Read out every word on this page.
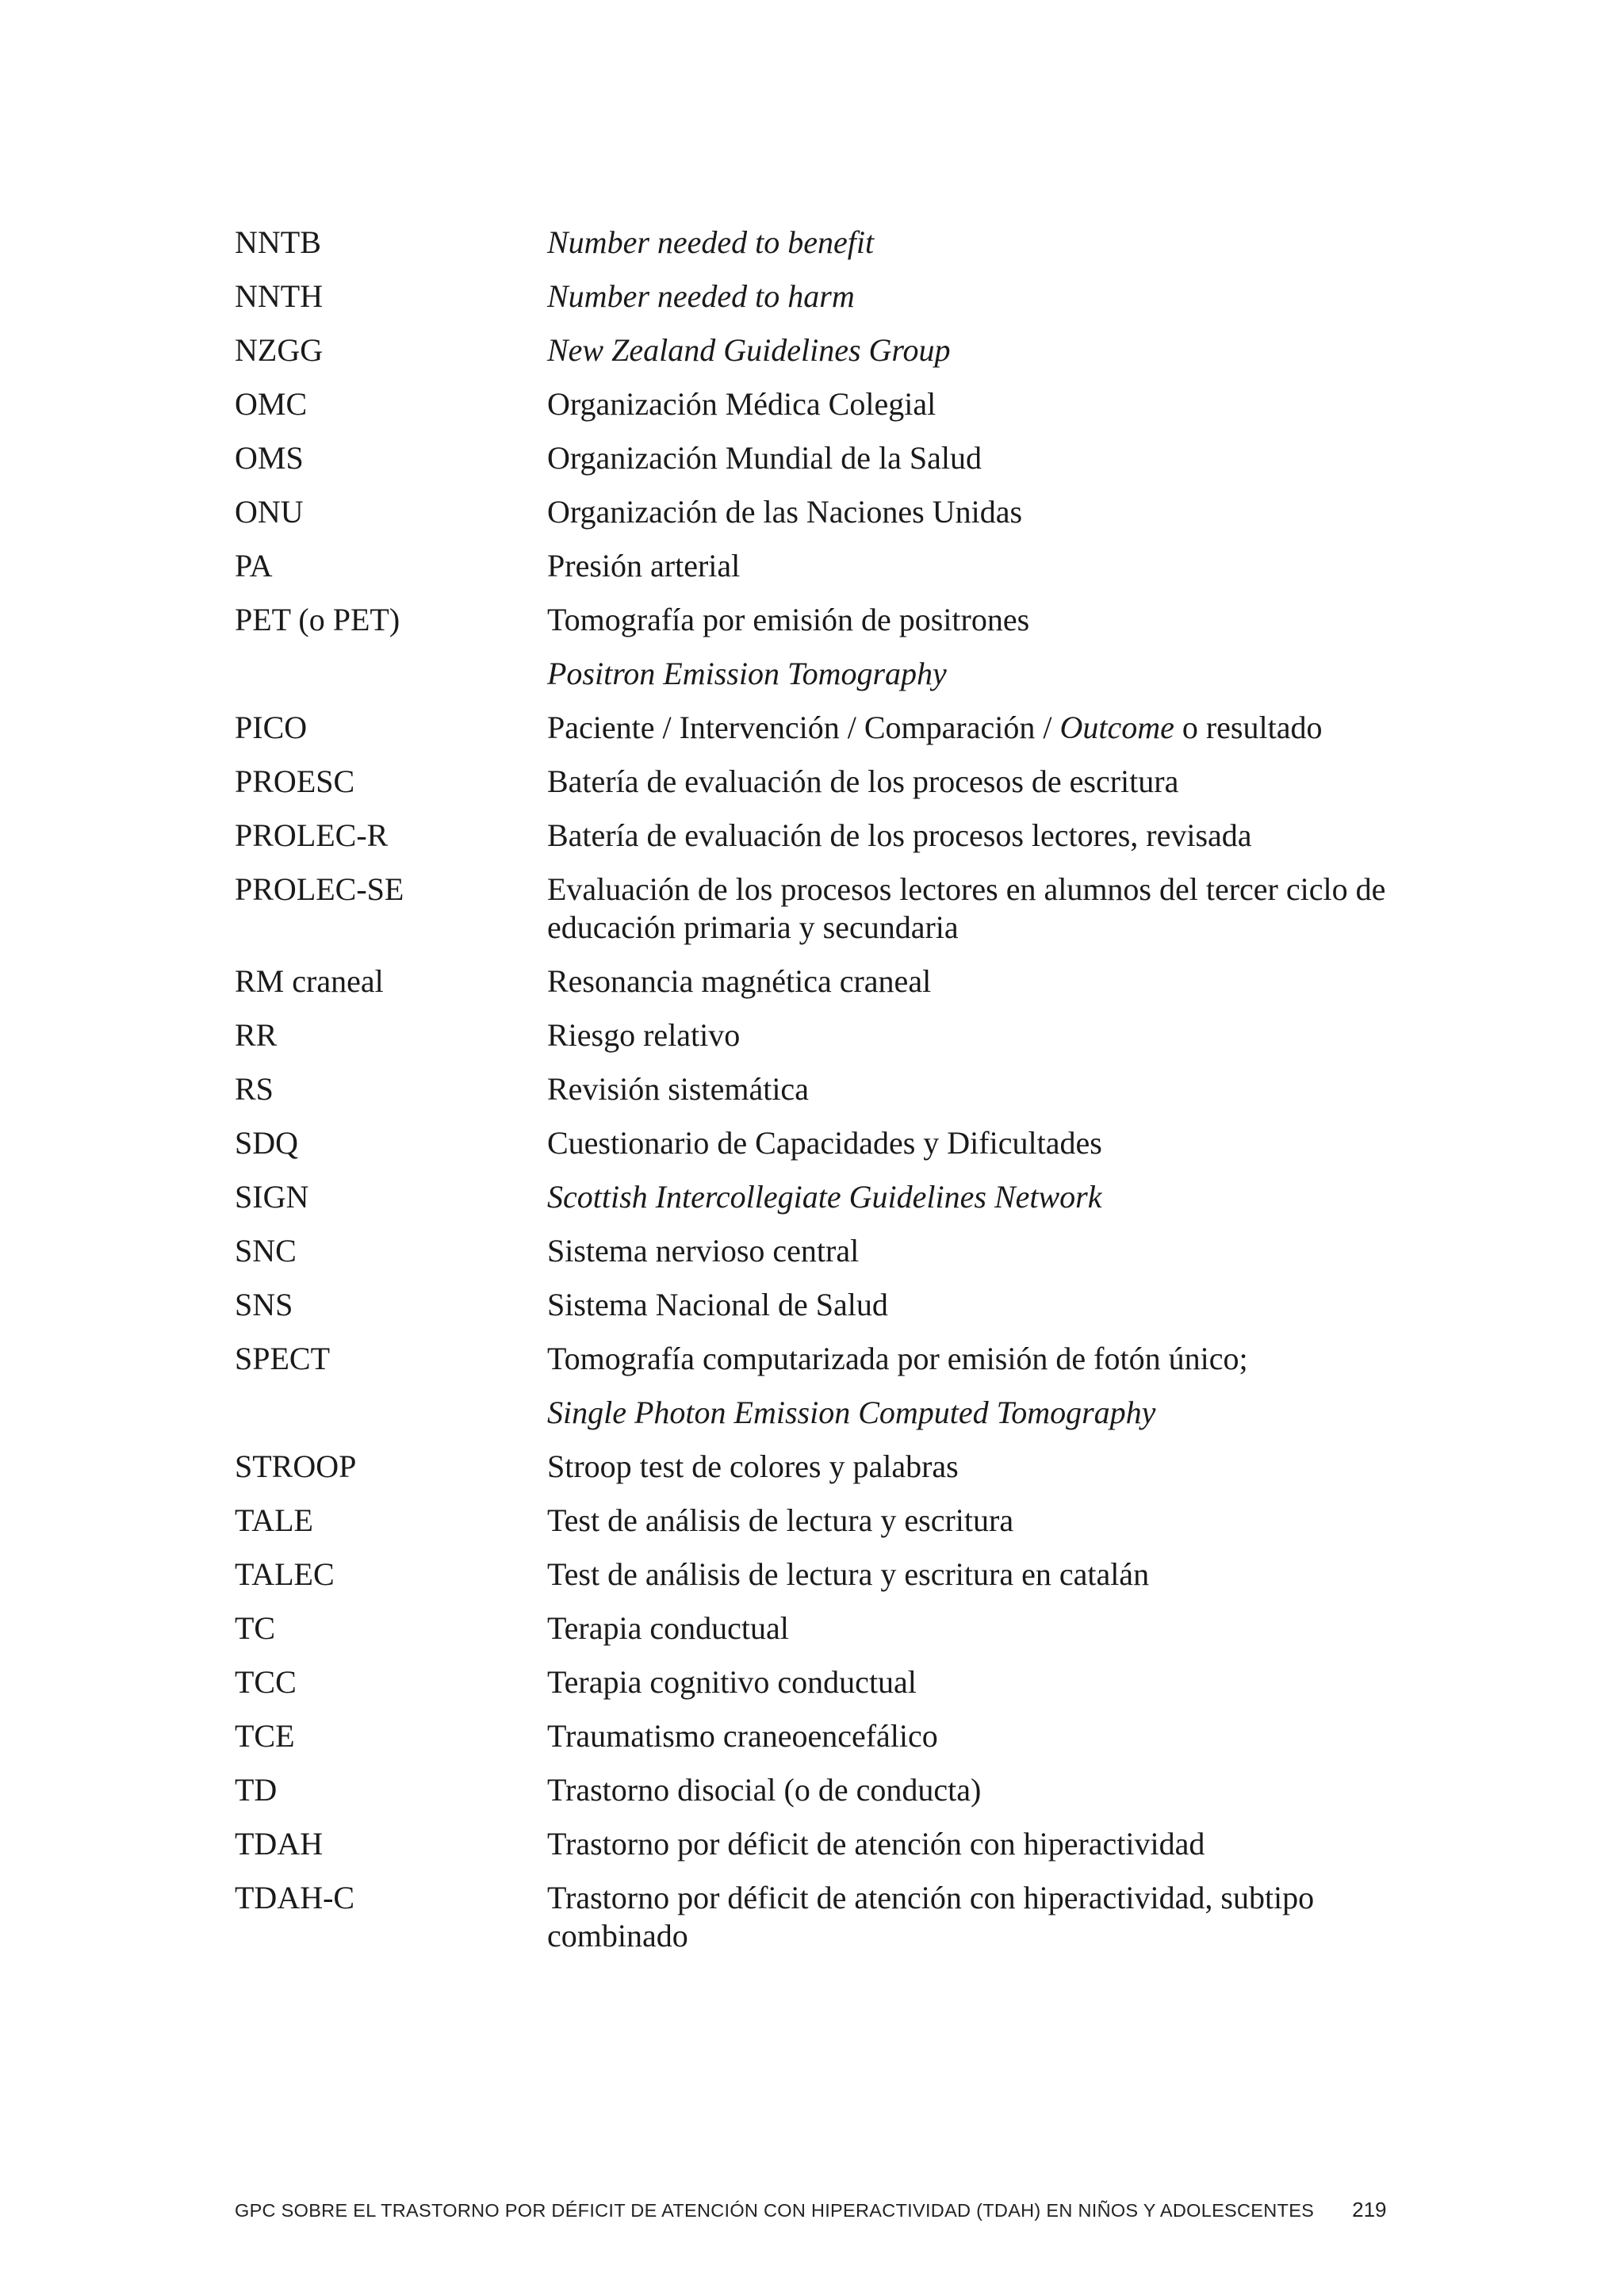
NNTB	Number needed to benefit
NNTH	Number needed to harm
NZGG	New Zealand Guidelines Group
OMC	Organización Médica Colegial
OMS	Organización Mundial de la Salud
ONU	Organización de las Naciones Unidas
PA	Presión arterial
PET (o PET)	Tomografía por emisión de positrones
Positron Emission Tomography
PICO	Paciente / Intervención / Comparación / Outcome o resultado
PROESC	Batería de evaluación de los procesos de escritura
PROLEC-R	Batería de evaluación de los procesos lectores, revisada
PROLEC-SE	Evaluación de los procesos lectores en alumnos del tercer ciclo de educación primaria y secundaria
RM craneal	Resonancia magnética craneal
RR	Riesgo relativo
RS	Revisión sistemática
SDQ	Cuestionario de Capacidades y Dificultades
SIGN	Scottish Intercollegiate Guidelines Network
SNC	Sistema nervioso central
SNS	Sistema Nacional de Salud
SPECT	Tomografía computarizada por emisión de fotón único;
Single Photon Emission Computed Tomography
STROOP	Stroop test de colores y palabras
TALE	Test de análisis de lectura y escritura
TALEC	Test de análisis de lectura y escritura en catalán
TC	Terapia conductual
TCC	Terapia cognitivo conductual
TCE	Traumatismo craneoencefálico
TD	Trastorno disocial (o de conducta)
TDAH	Trastorno por déficit de atención con hiperactividad
TDAH-C	Trastorno por déficit de atención con hiperactividad, subtipo combinado
GPC SOBRE EL TRASTORNO POR DÉFICIT DE ATENCIÓN CON HIPERACTIVIDAD (TDAH) EN NIÑOS Y ADOLESCENTES 219
